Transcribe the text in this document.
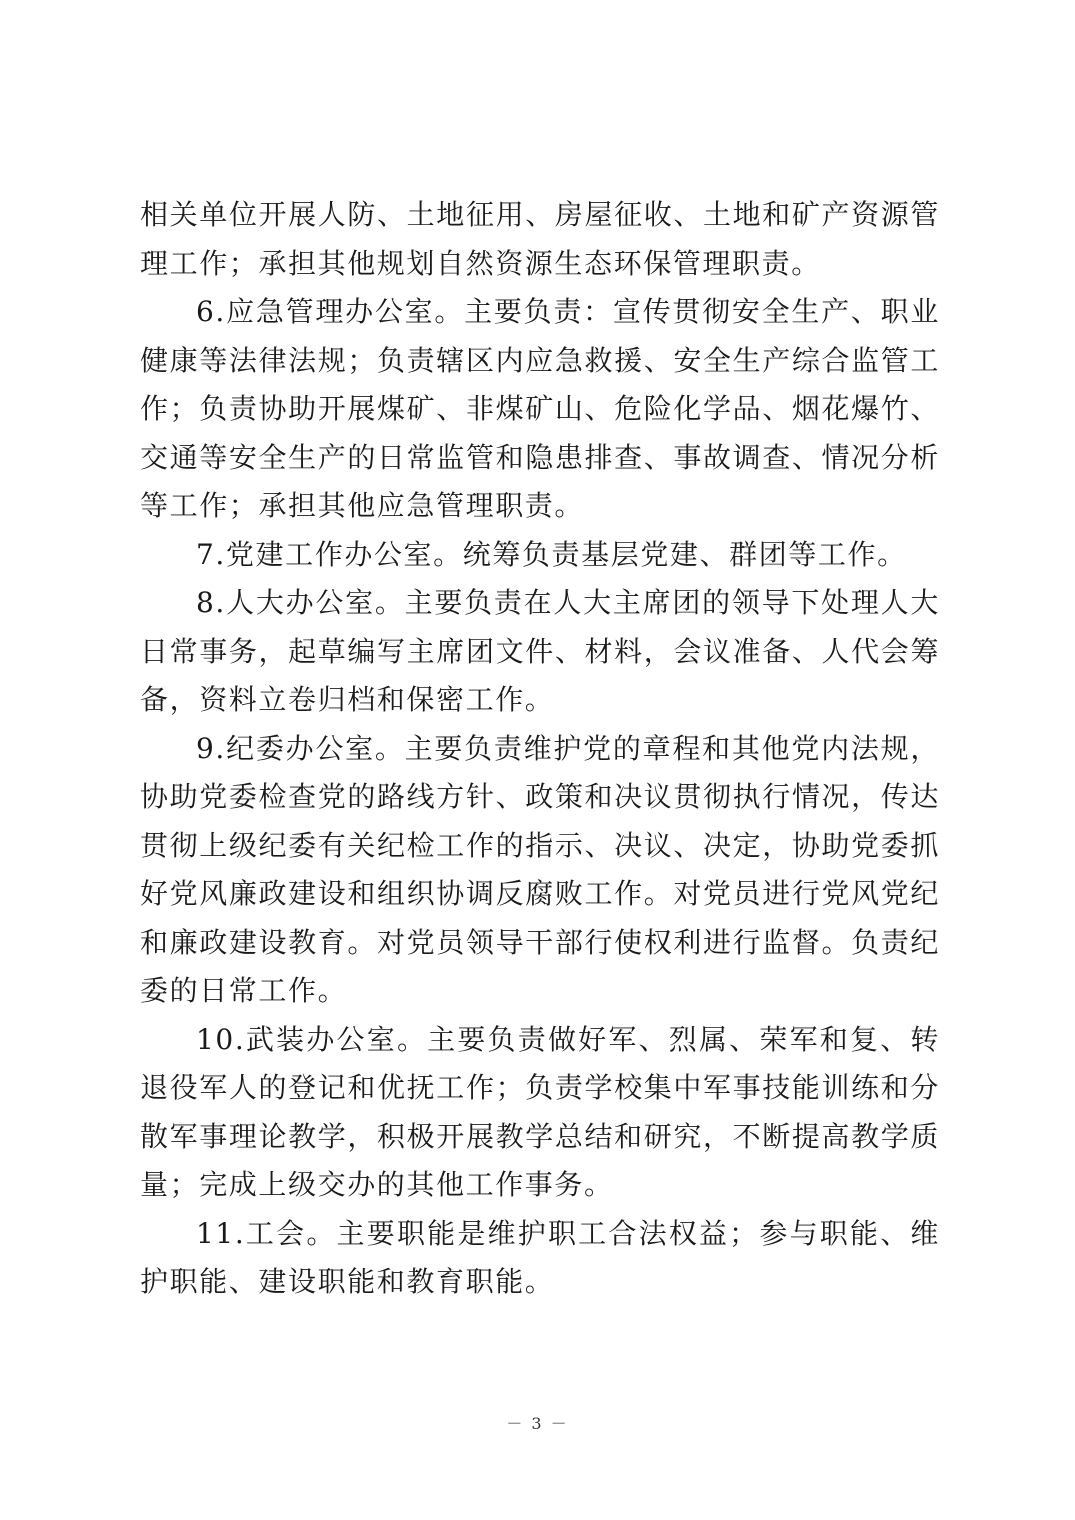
相关单位开展人防、土地征用、房屋征收、土地和矿产资源管理工作；承担其他规划自然资源生态环保管理职责。

6.应急管理办公室。主要负责：宣传贯彻安全生产、职业健康等法律法规；负责辖区内应急救援、安全生产综合监管工作；负责协助开展煤矿、非煤矿山、危险化学品、烟花爆竹、交通等安全生产的日常监管和隐患排查、事故调查、情况分析等工作；承担其他应急管理职责。

7.党建工作办公室。统筹负责基层党建、群团等工作。

8.人大办公室。主要负责在人大主席团的领导下处理人大日常事务，起草编写主席团文件、材料，会议准备、人代会筹备，资料立卷归档和保密工作。

9.纪委办公室。主要负责维护党的章程和其他党内法规，协助党委检查党的路线方针、政策和决议贯彻执行情况，传达贯彻上级纪委有关纪检工作的指示、决议、决定，协助党委抓好党风廉政建设和组织协调反腐败工作。对党员进行党风党纪和廉政建设教育。对党员领导干部行使权利进行监督。负责纪委的日常工作。

10.武装办公室。主要负责做好军、烈属、荣军和复、转退役军人的登记和优抚工作；负责学校集中军事技能训练和分散军事理论教学，积极开展教学总结和研究，不断提高教学质量；完成上级交办的其他工作事务。

11.工会。主要职能是维护职工合法权益；参与职能、维护职能、建设职能和教育职能。

－ 3 －
